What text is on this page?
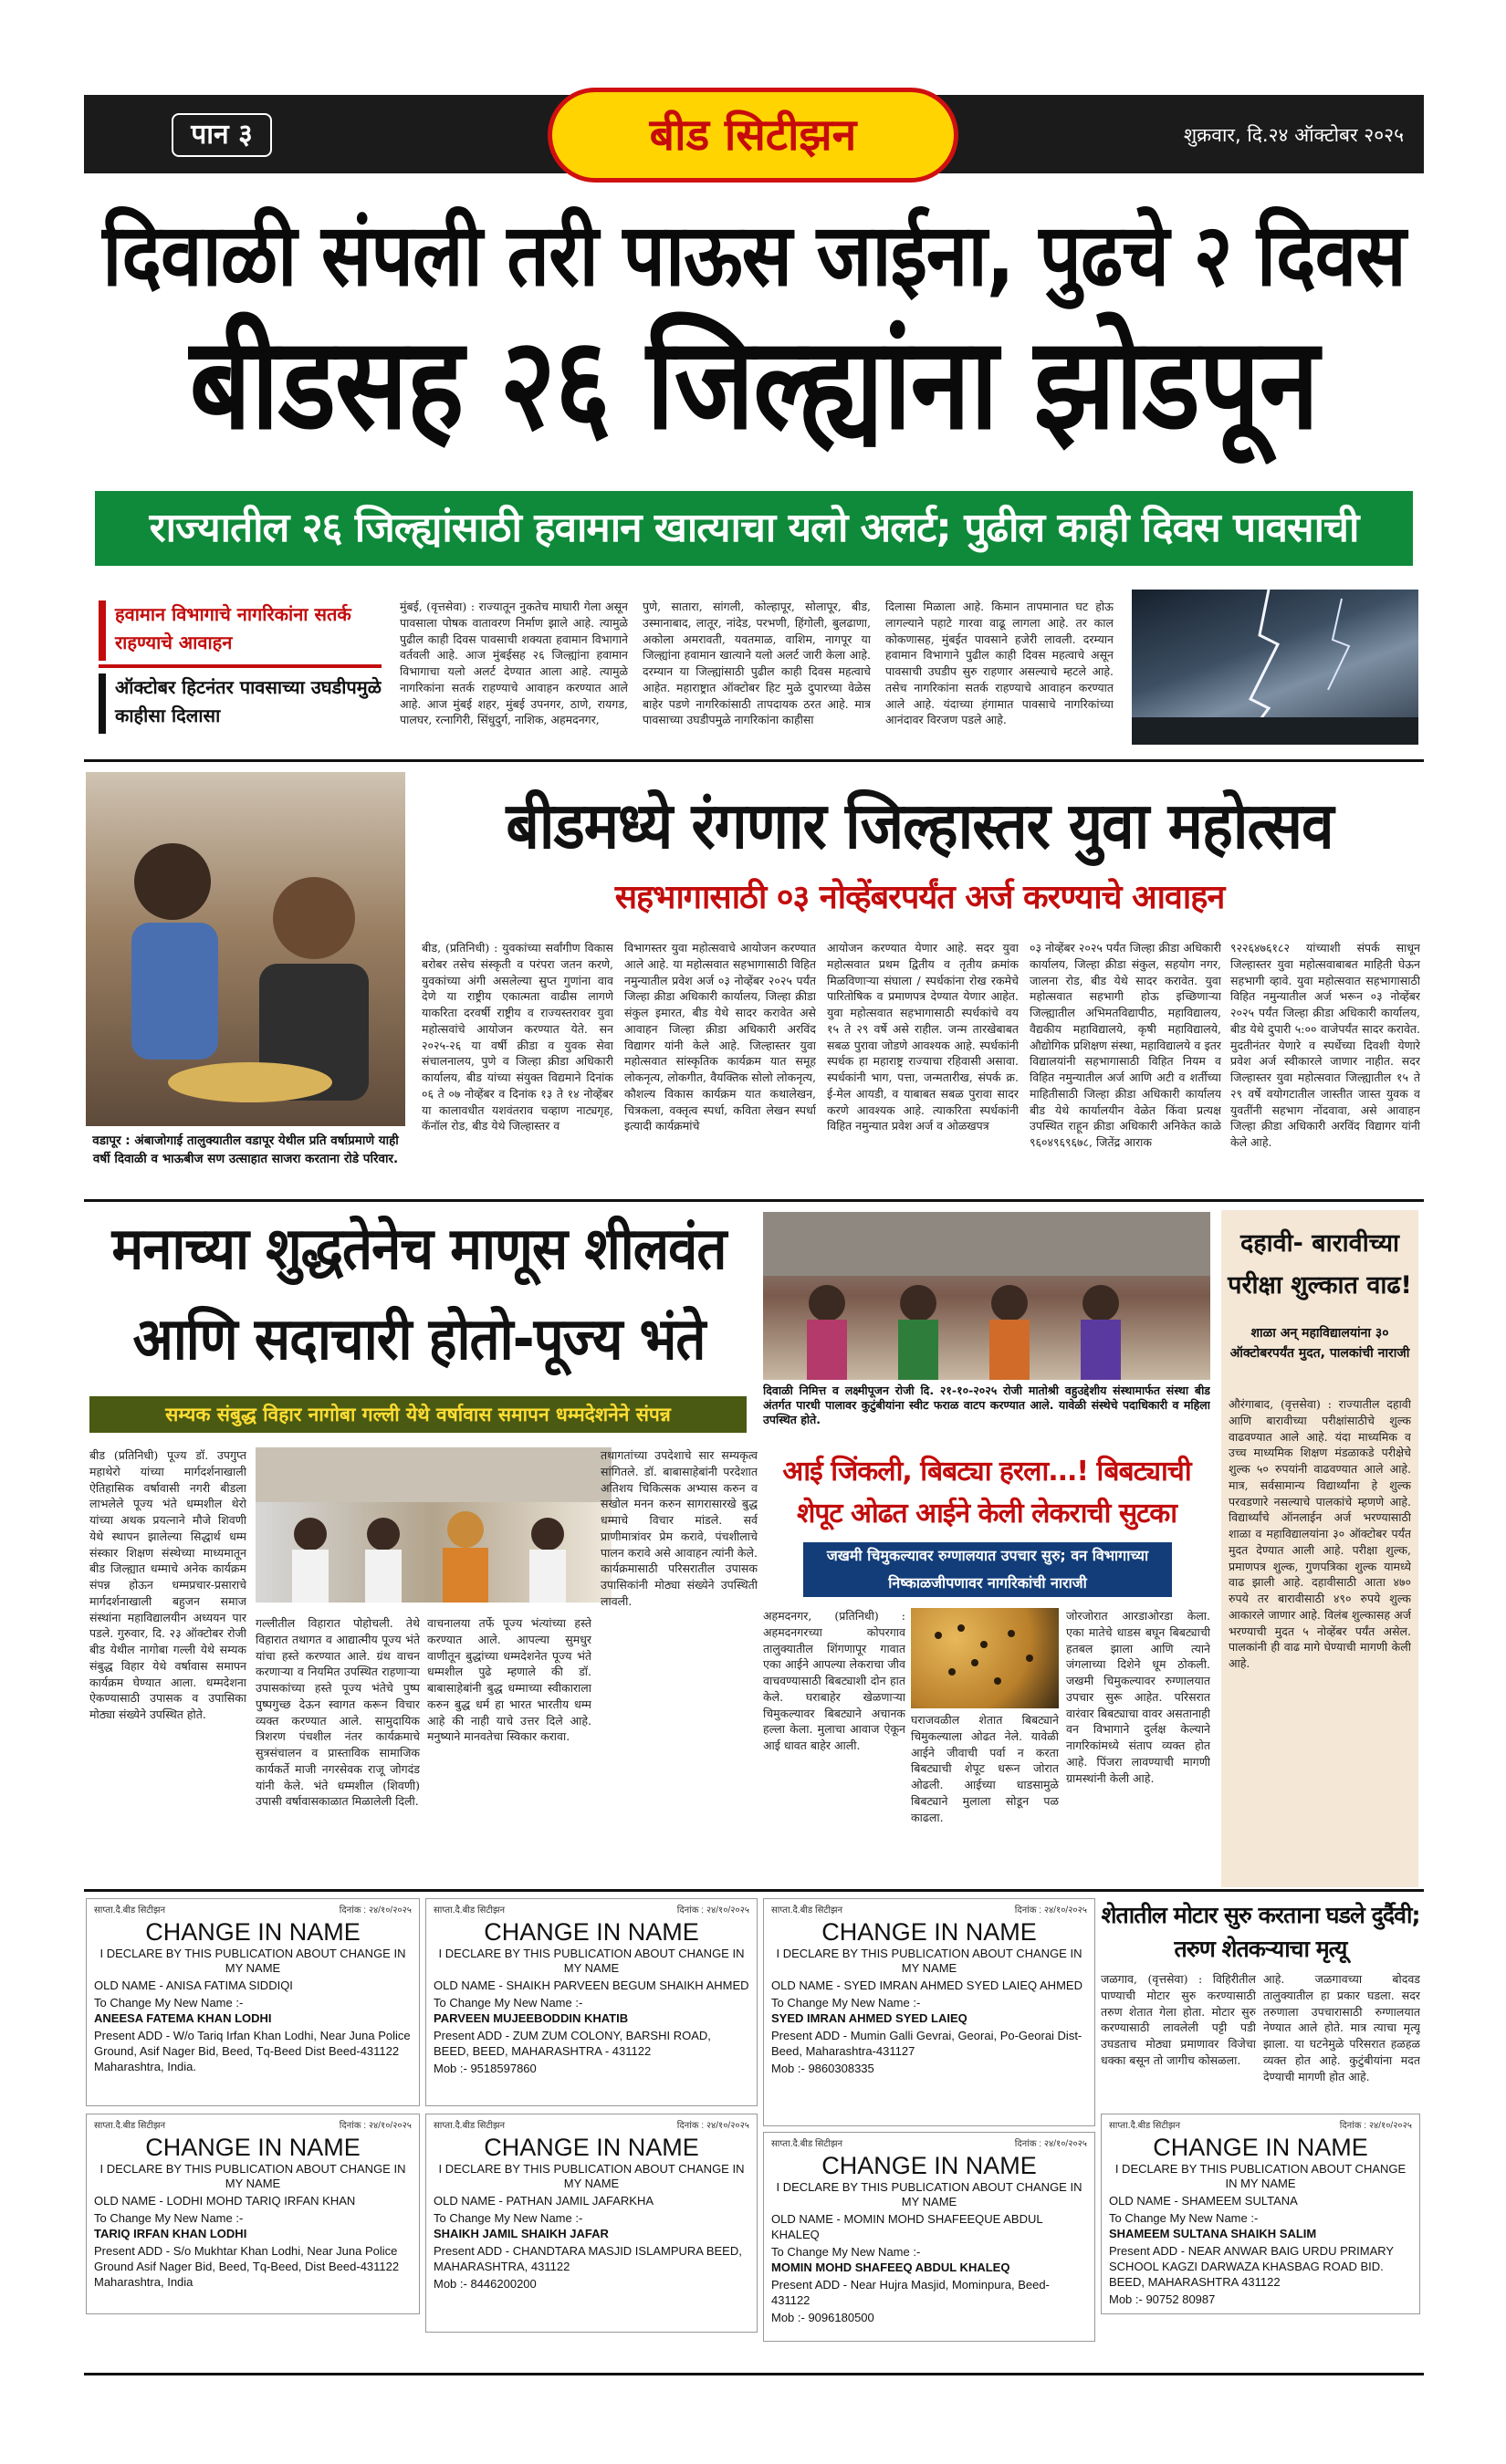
पान ३	बीड सिटीझन	शुक्रवार, दि.२४ ऑक्टोबर २०२५
दिवाळी संपली तरी पाऊस जाईना, पुढचे २ दिवस
बीडसह २६ जिल्ह्यांना झोडपून
राज्यातील २६ जिल्ह्यांसाठी हवामान खात्याचा यलो अलर्ट; पुढील काही दिवस पावसाची
हवामान विभागाचे नागरिकांना सतर्क राहण्याचे आवाहन
ऑक्टोबर हिटनंतर पावसाच्या उघडीपमुळे काहीसा दिलासा
मुंबई, (वृत्तसेवा) : राज्यातून नुकतेच माघारी गेला असून पावसाला पोषक वातावरण निर्माण झाले आहे. त्यामुळे पुढील काही दिवस पावसाची शक्यता हवामान विभागाने वर्तवली आहे. आज मुंबईसह २६ जिल्ह्यांना हवामान विभागाचा यलो अलर्ट देण्यात आला आहे. त्यामुळे नागरिकांना सतर्क राहण्याचे आवाहन करण्यात आले आहे. आज मुंबई शहर, मुंबई उपनगर, ठाणे, रायगड, पालघर, रत्नागिरी, सिंधुदुर्ग, नाशिक, अहमदनगर,
पुणे, सातारा, सांगली, कोल्हापूर, सोलापूर, बीड, उस्मानाबाद, लातूर, नांदेड, परभणी, हिंगोली, बुलढाणा, अकोला अमरावती, यवतमाळ, वाशिम, नागपूर या जिल्ह्यांना हवामान खात्याने यलो अलर्ट जारी केला आहे. दरम्यान या जिल्ह्यांसाठी पुढील काही दिवस महत्वाचे आहेत. महाराष्ट्रात ऑक्टोबर हिट मुळे दुपारच्या वेळेस बाहेर पडणे नागरिकांसाठी तापदायक ठरत आहे. मात्र पावसाच्या उघडीपमुळे नागरिकांना काहीसा
दिलासा मिळाला आहे. किमान तापमानात घट होऊ लागल्याने पहाटे गारवा वाढू लागला आहे. तर काल कोकणासह, मुंबईत पावसाने हजेरी लावली. दरम्यान हवामान विभागाने पुढील काही दिवस महत्वाचे असून पावसाची उघडीप सुरु राहणार असल्याचे म्हटले आहे. तसेच नागरिकांना सतर्क राहण्याचे आवाहन करण्यात आले आहे. यंदाच्या हंगामात पावसाचे नागरिकांच्या आनंदावर विरजण पडले आहे.
वडापूर : अंबाजोगाई तालुक्यातील वडापूर येथील प्रति वर्षाप्रमाणे याही वर्षी दिवाळी व भाऊबीज सण उत्साहात साजरा करताना रोडे परिवार.
बीडमध्ये रंगणार जिल्हास्तर युवा महोत्सव
सहभागासाठी ०३ नोव्हेंबरपर्यंत अर्ज करण्याचे आवाहन
बीड, (प्रतिनिधी) : युवकांच्या सर्वांगीण विकास बरोबर तसेच संस्कृती व परंपरा जतन करणे, युवकांच्या अंगी असलेल्या सुप्त गुणांना वाव देणे या राष्ट्रीय एकात्मता वाढीस लागणे याकरिता दरवर्षी राष्ट्रीय व राज्यस्तरावर युवा महोत्सवांचे आयोजन करण्यात येते. सन २०२५-२६ या वर्षी क्रीडा व युवक सेवा संचालनालय, पुणे व जिल्हा क्रीडा अधिकारी कार्यालय, बीड यांच्या संयुक्त विद्यमाने दिनांक ०६ ते ०७ नोव्हेंबर व दिनांक १३ ते १४ नोव्हेंबर या कालावधीत यशवंतराव चव्हाण नाट्यगृह, कॅनॉल रोड, बीड येथे जिल्हास्तर व
विभागस्तर युवा महोत्सवाचे आयोजन करण्यात आले आहे. या महोत्सवात सहभागासाठी विहित नमुन्यातील प्रवेश अर्ज ०३ नोव्हेंबर २०२५ पर्यंत जिल्हा क्रीडा अधिकारी कार्यालय, जिल्हा क्रीडा संकुल इमारत, बीड येथे सादर करावेत असे आवाहन जिल्हा क्रीडा अधिकारी अरविंद विद्यागर यांनी केले आहे. जिल्हास्तर युवा महोत्सवात सांस्कृतिक कार्यक्रम यात समूह लोकनृत्य, लोकगीत, वैयक्तिक सोलो लोकनृत्य, कौशल्य विकास कार्यक्रम यात कथालेखन, चित्रकला, वक्तृत्व स्पर्धा, कविता लेखन स्पर्धा इत्यादी कार्यक्रमांचे
आयोजन करण्यात येणार आहे. सदर युवा महोत्सवात प्रथम द्वितीय व तृतीय क्रमांक मिळविणाऱ्या संघाला / स्पर्धकांना रोख रकमेचे पारितोषिक व प्रमाणपत्र देण्यात येणार आहेत. युवा महोत्सवात सहभागासाठी स्पर्धकांचे वय १५ ते २९ वर्षे असे राहील. जन्म तारखेबाबत सबळ पुरावा जोडणे आवश्यक आहे. स्पर्धकांनी स्पर्धक हा महाराष्ट्र राज्याचा रहिवासी असावा. स्पर्धकांनी भाग, पत्ता, जन्मतारीख, संपर्क क्र. ई-मेल आयडी, व याबाबत सबळ पुरावा सादर करणे आवश्यक आहे. त्याकरिता स्पर्धकांनी विहित नमुन्यात प्रवेश अर्ज व ओळखपत्र
०३ नोव्हेंबर २०२५ पर्यंत जिल्हा क्रीडा अधिकारी कार्यालय, जिल्हा क्रीडा संकुल, सहयोग नगर, जालना रोड, बीड येथे सादर करावेत. युवा महोत्सवात सहभागी होऊ इच्छिणाऱ्या जिल्ह्यातील अभिमतविद्यापीठ, महाविद्यालय, वैद्यकीय महाविद्यालये, कृषी महाविद्यालये, औद्योगिक प्रशिक्षण संस्था, महाविद्यालये व इतर विद्यालयांनी सहभागासाठी विहित नियम व विहित नमुन्यातील अर्ज आणि अटी व शर्तीच्या माहितीसाठी जिल्हा क्रीडा अधिकारी कार्यालय बीड येथे कार्यालयीन वेळेत किंवा प्रत्यक्ष उपस्थित राहून क्रीडा अधिकारी अनिकेत काळे ९६०४९६९६७८, जितेंद्र आराक
९२२६४७६१८२ यांच्याशी संपर्क साधून जिल्हास्तर युवा महोत्सवाबाबत माहिती घेऊन सहभागी व्हावे. युवा महोत्सवात सहभागासाठी विहित नमुन्यातील अर्ज भरून ०३ नोव्हेंबर २०२५ पर्यंत जिल्हा क्रीडा अधिकारी कार्यालय, बीड येथे दुपारी ५:०० वाजेपर्यंत सादर करावेत. मुदतीनंतर येणारे व स्पर्धेच्या दिवशी येणारे प्रवेश अर्ज स्वीकारले जाणार नाहीत. सदर जिल्हास्तर युवा महोत्सवात जिल्ह्यातील १५ ते २९ वर्षे वयोगटातील जास्तीत जास्त युवक व युवतींनी सहभाग नोंदवावा, असे आवाहन जिल्हा क्रीडा अधिकारी अरविंद विद्यागर यांनी केले आहे.
मनाच्या शुद्धतेनेच माणूस शीलवंत आणि सदाचारी होतो-पूज्य भंते
सम्यक संबुद्ध विहार नागोबा गल्ली येथे वर्षावास समापन धम्मदेशनेने संपन्न
बीड (प्रतिनिधी) पूज्य डॉ. उपगुप्त महाथेरो यांच्या मार्गदर्शनाखाली ऐतिहासिक वर्षावासी नगरी बीडला लाभलेले पूज्य भंते धम्मशील थेरो यांच्या अथक प्रयत्नाने मौजे शिवणी येथे स्थापन झालेल्या सिद्धार्थ धम्म संस्कार शिक्षण संस्थेच्या माध्यमातून बीड जिल्ह्यात धम्माचे अनेक कार्यक्रम संपन्न होऊन धम्मप्रचार-प्रसाराचे मार्गदर्शनाखाली बहुजन समाज संस्थांना महाविद्यालयीन अध्ययन पार पडले. गुरुवार, दि. २३ ऑक्टोबर रोजी बीड येथील नागोबा गल्ली येथे सम्यक संबुद्ध विहार येथे वर्षावास समापन कार्यक्रम घेण्यात आला. धम्मदेशना ऐकण्यासाठी उपासक व उपासिका मोठ्या संख्येने उपस्थित होते.
गल्लीतील विहारात पोहोचली. तेथे विहारात तथागत व आद्यात्मीय पूज्य भंते यांचा हस्ते करण्यात आले. ग्रंथ वाचन करणाऱ्या व नियमित उपस्थित राहणाऱ्या उपासकांच्या हस्ते पूज्य भंतेचे पुष्प पुष्पगुच्छ देऊन स्वागत करून विचार व्यक्त करण्यात आले. सामुदायिक त्रिशरण पंचशील नंतर कार्यक्रमाचे सुत्रसंचालन व प्रास्ताविक सामाजिक कार्यकर्ते माजी नगरसेवक राजू जोगदंड यांनी केले. भंते धम्मशील (शिवणी) उपासी वर्षावासकाळात मिळालेली दिली.
वाचनालया तर्फे पूज्य भंत्यांच्या हस्ते करण्यात आले. आपल्या सुमधुर वाणीतून बुद्धांच्या धम्मदेशनेत पूज्य भंते धम्मशील पुढे म्हणाले की डॉ. बाबासाहेबांनी बुद्ध धम्माच्या स्वीकाराला करुन बुद्ध धर्म हा भारत भारतीय धम्म आहे की नाही याचे उत्तर दिले आहे. मनुष्याने मानवतेचा स्विकार करावा.
तथागतांच्या उपदेशाचे सार सम्यकृत्व सांगितले. डॉ. बाबासाहेबांनी परदेशात अतिशय चिकित्सक अभ्यास करुन व सखोल मनन करुन सागरासारखे बुद्ध धम्माचे विचार मांडले. सर्व प्राणीमात्रांवर प्रेम करावे, पंचशीलाचे पालन करावे असे आवाहन त्यांनी केले. कार्यक्रमासाठी परिसरातील उपासक उपासिकांनी मोठ्या संख्येने उपस्थिती लावली.
दिवाळी निमित्त व लक्ष्मीपूजन रोजी दि. २१-१०-२०२५ रोजी मातोश्री वहुउद्देशीय संस्थामार्फत संस्था बीड अंतर्गत पारधी पालावर कुटुंबीयांना स्वीट फराळ वाटप करण्यात आले. यावेळी संस्थेचे पदाधिकारी व महिला उपस्थित होते.
आई जिंकली, बिबट्या हरला...! बिबट्याची शेपूट ओढत आईने केली लेकराची सुटका
जखमी चिमुकल्यावर रुग्णालयात उपचार सुरु; वन विभागाच्या निष्काळजीपणावर नागरिकांची नाराजी
अहमदनगर, (प्रतिनिधी) : अहमदनगरच्या कोपरगाव तालुक्यातील शिंगणापूर गावात एका आईने आपल्या लेकराचा जीव वाचवण्यासाठी बिबट्याशी दोन हात केले. घराबाहेर खेळणाऱ्या चिमुकल्यावर बिबट्याने अचानक हल्ला केला. मुलाचा आवाज ऐकून आई धावत बाहेर आली.
घराजवळील शेतात बिबट्याने चिमुकल्याला ओढत नेले. यावेळी आईने जीवाची पर्वा न करता बिबट्याची शेपूट धरून जोरात ओढली. आईच्या धाडसामुळे बिबट्याने मुलाला सोडून पळ काढला.
जोरजोरात आरडाओरडा केला. एका मातेचे धाडस बघून बिबट्याची हतबल झाला आणि त्याने जंगलाच्या दिशेने धूम ठोकली. जखमी चिमुकल्यावर रुग्णालयात उपचार सुरू आहेत. परिसरात वारंवार बिबट्याचा वावर असतानाही वन विभागाने दुर्लक्ष केल्याने नागरिकांमध्ये संताप व्यक्त होत आहे. पिंजरा लावण्याची मागणी ग्रामस्थांनी केली आहे.
दहावी- बारावीच्या परीक्षा शुल्कात वाढ!
शाळा अन् महाविद्यालयांना ३० ऑक्टोबरपर्यंत मुदत, पालकांची नाराजी
औरंगाबाद, (वृत्तसेवा) : राज्यातील दहावी आणि बारावीच्या परीक्षांसाठीचे शुल्क वाढवण्यात आले आहे. यंदा माध्यमिक व उच्च माध्यमिक शिक्षण मंडळाकडे परीक्षेचे शुल्क ५० रुपयांनी वाढवण्यात आले आहे. मात्र, सर्वसामान्य विद्यार्थ्यांना हे शुल्क परवडणारे नसल्याचे पालकांचे म्हणणे आहे. विद्यार्थ्यांचे ऑनलाईन अर्ज भरण्यासाठी शाळा व महाविद्यालयांना ३० ऑक्टोबर पर्यंत मुदत देण्यात आली आहे. परीक्षा शुल्क, प्रमाणपत्र शुल्क, गुणपत्रिका शुल्क यामध्ये वाढ झाली आहे. दहावीसाठी आता ४७० रुपये तर बारावीसाठी ४९० रुपये शुल्क आकारले जाणार आहे. विलंब शुल्कासह अर्ज भरण्याची मुदत ५ नोव्हेंबर पर्यंत असेल. पालकांनी ही वाढ मागे घेण्याची मागणी केली आहे.
साप्ता.दै.बीड सिटीझन	दिनांक : २४/१०/२०२५
CHANGE IN NAME
I DECLARE BY THIS PUBLICATION ABOUT CHANGE IN MY NAME
OLD NAME - ANISA FATIMA SIDDIQI
To Change My New Name :-
ANEESA FATEMA KHAN LODHI
Present ADD - W/o Tariq Irfan Khan Lodhi, Near Juna Police Ground, Asif Nager Bid, Beed, Tq-Beed Dist Beed-431122 Maharashtra, India.
साप्ता.दै.बीड सिटीझन	दिनांक : २४/१०/२०२५
CHANGE IN NAME
I DECLARE BY THIS PUBLICATION ABOUT CHANGE IN MY NAME
OLD NAME - SHAIKH PARVEEN BEGUM SHAIKH AHMED
To Change My New Name :-
PARVEEN MUJEEBODDIN KHATIB
Present ADD - ZUM ZUM COLONY, BARSHI ROAD, BEED, BEED, MAHARASHTRA - 431122
Mob :- 9518597860
साप्ता.दै.बीड सिटीझन	दिनांक : २४/१०/२०२५
CHANGE IN NAME
I DECLARE BY THIS PUBLICATION ABOUT CHANGE IN MY NAME
OLD NAME - SYED IMRAN AHMED SYED LAIEQ AHMED
To Change My New Name :-
SYED IMRAN AHMED SYED LAIEQ
Present ADD - Mumin Galli Gevrai, Georai, Po-Georai Dist-Beed, Maharashtra-431127
Mob :- 9860308335
साप्ता.दै.बीड सिटीझन	दिनांक : २४/१०/२०२५
CHANGE IN NAME
I DECLARE BY THIS PUBLICATION ABOUT CHANGE IN MY NAME
OLD NAME - LODHI MOHD TARIQ IRFAN KHAN
To Change My New Name :-
TARIQ IRFAN KHAN LODHI
Present ADD - S/o Mukhtar Khan Lodhi, Near Juna Police Ground Asif Nager Bid, Beed, Tq-Beed, Dist Beed-431122 Maharashtra, India
साप्ता.दै.बीड सिटीझन	दिनांक : २४/१०/२०२५
CHANGE IN NAME
I DECLARE BY THIS PUBLICATION ABOUT CHANGE IN MY NAME
OLD NAME - PATHAN JAMIL JAFARKHA
To Change My New Name :-
SHAIKH JAMIL SHAIKH JAFAR
Present ADD - CHANDTARA MASJID ISLAMPURA BEED, MAHARASHTRA, 431122
Mob :- 8446200200
साप्ता.दै.बीड सिटीझन	दिनांक : २४/१०/२०२५
CHANGE IN NAME
I DECLARE BY THIS PUBLICATION ABOUT CHANGE IN MY NAME
OLD NAME - MOMIN MOHD SHAFEEQUE ABDUL KHALEQ
To Change My New Name :-
MOMIN MOHD SHAFEEQ ABDUL KHALEQ
Present ADD - Near Hujra Masjid, Mominpura, Beed-431122
Mob :- 9096180500
साप्ता.दै.बीड सिटीझन	दिनांक : २४/१०/२०२५
CHANGE IN NAME
I DECLARE BY THIS PUBLICATION ABOUT CHANGE IN MY NAME
OLD NAME - SHAMEEM SULTANA
To Change My New Name :-
SHAMEEM SULTANA SHAIKH SALIM
Present ADD - NEAR ANWAR BAIG URDU PRIMARY SCHOOL KAGZI DARWAZA KHASBAG ROAD BID. BEED, MAHARASHTRA 431122
Mob :- 90752 80987
शेतातील मोटार सुरु करताना घडले दुर्दैवी; तरुण शेतकऱ्याचा मृत्यू
जळगाव, (वृत्तसेवा) : विहिरीतील पाण्याची मोटार सुरु करण्यासाठी तरुण शेतात गेला होता. मोटार सुरु करण्यासाठी लावलेली पट्टी पडी उघडताच मोठ्या प्रमाणावर विजेचा धक्का बसून तो जागीच कोसळला.
आहे. जळगावच्या बोदवड तालुक्यातील हा प्रकार घडला. सदर तरुणाला उपचारासाठी रुग्णालयात नेण्यात आले होते. मात्र त्याचा मृत्यू झाला. या घटनेमुळे परिसरात हळहळ व्यक्त होत आहे. कुटुंबीयांना मदत देण्याची मागणी होत आहे.
